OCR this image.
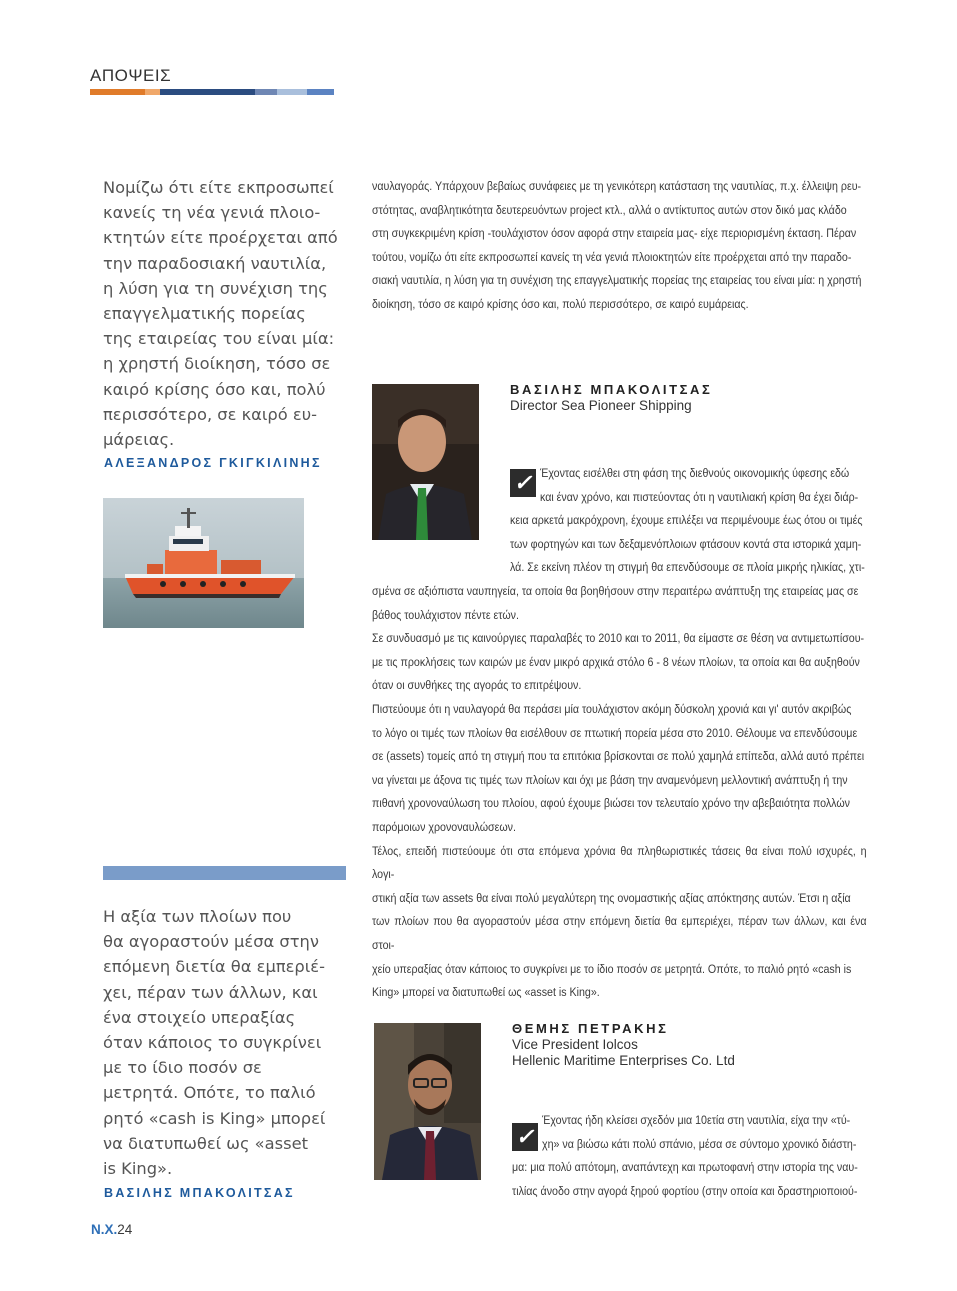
ΑΠΟΨΕΙΣ
Νομίζω ότι είτε εκπροσωπεί
κανείς τη νέα γενιά πλοιο-
κτητών είτε προέρχεται από
την παραδοσιακή ναυτιλία,
η λύση για τη συνέχιση της
επαγγελματικής πορείας
της εταιρείας του είναι μία:
η χρηστή διοίκηση, τόσο σε
καιρό κρίσης όσο και, πολύ
περισσότερο, σε καιρό ευ-
μάρειας.
ΑΛΕΞΑΝΔΡΟΣ ΓΚΙΓΚΙΛΙΝΗΣ
ναυλαγοράς. Υπάρχουν βεβαίως συνάφειες με τη γενικότερη κατάσταση της ναυτιλίας, π.χ. έλλειψη ρευ-
στότητας, αναβλητικότητα δευτερευόντων project κτλ., αλλά ο αντίκτυπος αυτών στον δικό μας κλάδο
στη συγκεκριμένη κρίση -τουλάχιστον όσον αφορά στην εταιρεία μας- είχε περιορισμένη έκταση. Πέραν
τούτου, νομίζω ότι είτε εκπροσωπεί κανείς τη νέα γενιά πλοιοκτητών είτε προέρχεται από την παραδο-
σιακή ναυτιλία, η λύση για τη συνέχιση της επαγγελματικής πορείας της εταιρείας του είναι μία: η χρηστή
διοίκηση, τόσο σε καιρό κρίσης όσο και, πολύ περισσότερο, σε καιρό ευμάρειας.
ΒΑΣΙΛΗΣ ΜΠΑΚΟΛΙΤΣΑΣ
Director Sea Pioneer Shipping
✓ Έχοντας εισέλθει στη φάση της διεθνούς οικονομικής ύφεσης εδώ
και έναν χρόνο, και πιστεύοντας ότι η ναυτιλιακή κρίση θα έχει διάρ-
κεια αρκετά μακρόχρονη, έχουμε επιλέξει να περιμένουμε έως ότου οι τιμές
των φορτηγών και των δεξαμενόπλοιων φτάσουν κοντά στα ιστορικά χαμη-
λά. Σε εκείνη πλέον τη στιγμή θα επενδύσουμε σε πλοία μικρής ηλικίας, χτι-
σμένα σε αξιόπιστα ναυπηγεία, τα οποία θα βοηθήσουν στην περαιτέρω ανάπτυξη της εταιρείας μας σε
βάθος τουλάχιστον πέντε ετών.
Σε συνδυασμό με τις καινούργιες παραλαβές το 2010 και το 2011, θα είμαστε σε θέση να αντιμετωπίσου-
με τις προκλήσεις των καιρών με έναν μικρό αρχικά στόλο 6 - 8 νέων πλοίων, τα οποία και θα αυξηθούν
όταν οι συνθήκες της αγοράς το επιτρέψουν.
Πιστεύουμε ότι η ναυλαγορά θα περάσει μία τουλάχιστον ακόμη δύσκολη χρονιά και γι' αυτόν ακριβώς
το λόγο οι τιμές των πλοίων θα εισέλθουν σε πτωτική πορεία μέσα στο 2010. Θέλουμε να επενδύσουμε
σε (assets) τομείς από τη στιγμή που τα επιτόκια βρίσκονται σε πολύ χαμηλά επίπεδα, αλλά αυτό πρέπει
να γίνεται με άξονα τις τιμές των πλοίων και όχι με βάση την αναμενόμενη μελλοντική ανάπτυξη ή την
πιθανή χρονοναύλωση του πλοίου, αφού έχουμε βιώσει τον τελευταίο χρόνο την αβεβαιότητα πολλών
παρόμοιων χρονοναυλώσεων.
Τέλος, επειδή πιστεύουμε ότι στα επόμενα χρόνια θα πληθωριστικές τάσεις θα είναι πολύ ισχυρές, η λογι-
στική αξία των assets θα είναι πολύ μεγαλύτερη της ονομαστικής αξίας απόκτησης αυτών. Έτσι η αξία
των πλοίων που θα αγοραστούν μέσα στην επόμενη διετία θα εμπεριέχει, πέραν των άλλων, και ένα στοι-
χείο υπεραξίας όταν κάποιος το συγκρίνει με το ίδιο ποσόν σε μετρητά. Οπότε, το παλιό ρητό «cash is
King» μπορεί να διατυπωθεί ως «asset is King».
Η αξία των πλοίων που
θα αγοραστούν μέσα στην
επόμενη διετία θα εμπεριέ-
χει, πέραν των άλλων, και
ένα στοιχείο υπεραξίας
όταν κάποιος το συγκρίνει
με το ίδιο ποσόν σε
μετρητά. Οπότε, το παλιό
ρητό «cash is King» μπορεί
να διατυπωθεί ως «asset
is King».
ΒΑΣΙΛΗΣ ΜΠΑΚΟΛΙΤΣΑΣ
ΘΕΜΗΣ ΠΕΤΡΑΚΗΣ
Vice President Iolcos
Hellenic Maritime Enterprises Co. Ltd
✓
Έχοντας ήδη κλείσει σχεδόν μια 10ετία στη ναυτιλία, είχα την «τύ-
χη» να βιώσω κάτι πολύ σπάνιο, μέσα σε σύντομο χρονικό διάστη-
μα: μια πολύ απότομη, αναπάντεχη και πρωτοφανή στην ιστορία της ναυ-
τιλίας άνοδο στην αγορά ξηρού φορτίου (στην οποία και δραστηριοποιού-
Ν.Χ.24
